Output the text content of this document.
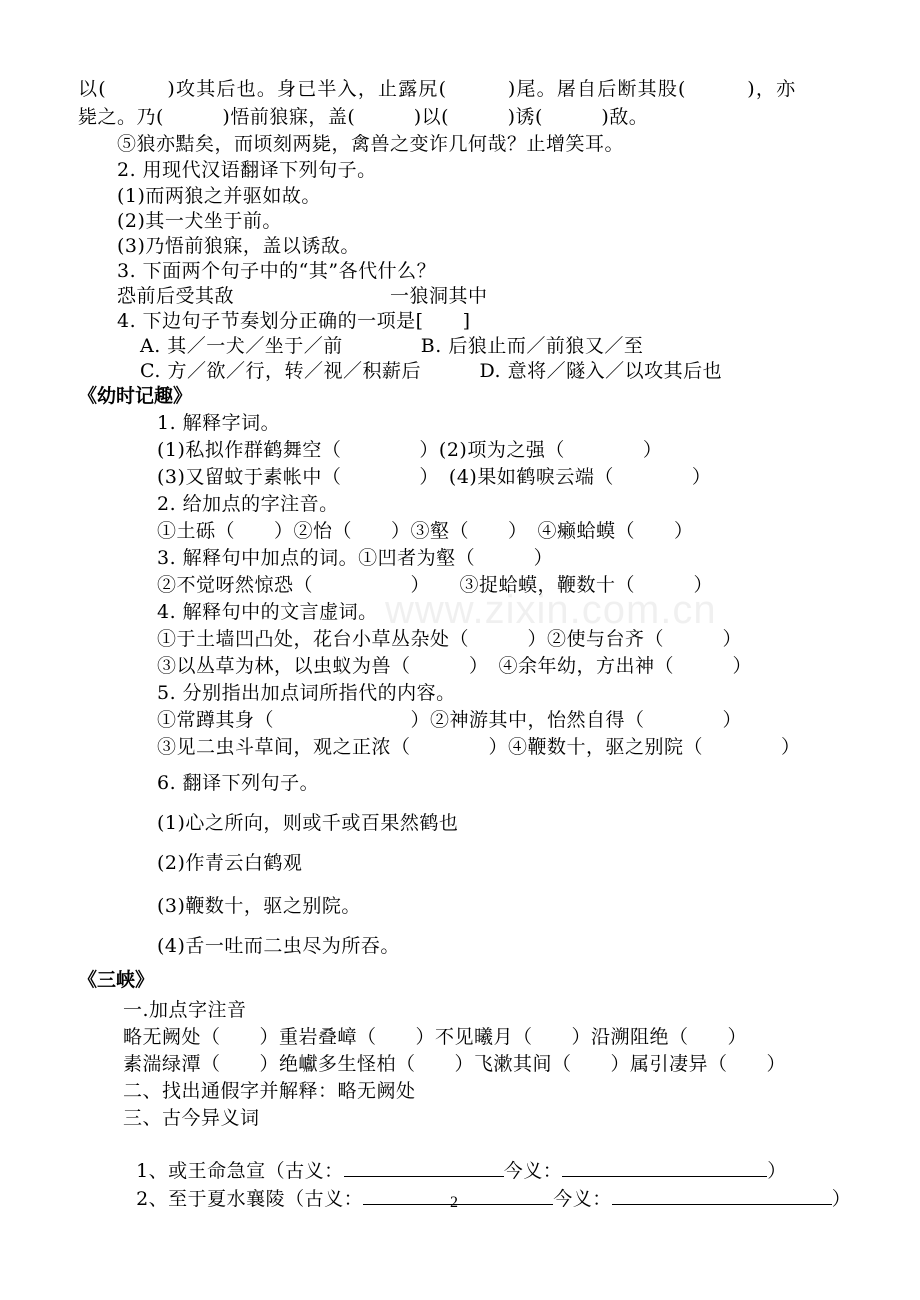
以(　　　)攻其后也。身已半入，止露尻(　　　)尾。屠自后断其股(　　　)，亦
毙之。乃(　　　)悟前狼寐，盖(　　　)以(　　　)诱(　　　)敌。
⑤狼亦黠矣，而顷刻两毙，禽兽之变诈几何哉？止增笑耳。
2. 用现代汉语翻译下列句子。
(1)而两狼之并驱如故。
(2)其一犬坐于前。
(3)乃悟前狼寐，盖以诱敌。
3. 下面两个句子中的“其”各代什么？
恐前后受其敌　　　　　　　　一狼洞其中
4. 下边句子节奏划分正确的一项是[　　]
A. 其／一犬／坐于／前　　　　B. 后狼止而／前狼又／至
C. 方／欲／行，转／视／积薪后　　　D. 意将／隧入／以攻其后也
《幼时记趣》
1. 解释字词。
(1)私拟作群鹤舞空（　　　　）(2)项为之强（　　　　）
(3)又留蚊于素帐中（　　　　）　(4)果如鹤唳云端（　　　　）
2. 给加点的字注音。
①土砾（　　）②怡（　　）③壑（　　）　④癞蛤蟆（　　）
3. 解释句中加点的词。①凹者为壑（　　　）
②不觉呀然惊恐（　　　　　）　　③捉蛤蟆，鞭数十（　　　）
4. 解释句中的文言虚词。
①于土墙凹凸处，花台小草丛杂处（　　　）②使与台齐（　　　）
③以丛草为林，以虫蚁为兽（　　　）　④余年幼，方出神（　　　）
5. 分别指出加点词所指代的内容。
①常蹲其身（　　　　　　　）②神游其中，怡然自得（　　　　）
③见二虫斗草间，观之正浓（　　　　）④鞭数十，驱之别院（　　　　）
6. 翻译下列句子。
(1)心之所向，则或千或百果然鹤也
(2)作青云白鹤观
(3)鞭数十，驱之别院。
(4)舌一吐而二虫尽为所吞。
《三峡》
一.加点字注音
略无阙处（　　）重岩叠嶂（　　）不见曦月（　　）沿溯阻绝（　　）
素湍绿潭（　　）绝巘多生怪柏（　　）飞漱其间（　　）属引凄异（　　）
二、找出通假字并解释：略无阙处
三、古今异义词

1、或王命急宣（古义：	今义：	）

2、至于夏水襄陵（古义：	今义：	）

www.zixin.com.cn
2
